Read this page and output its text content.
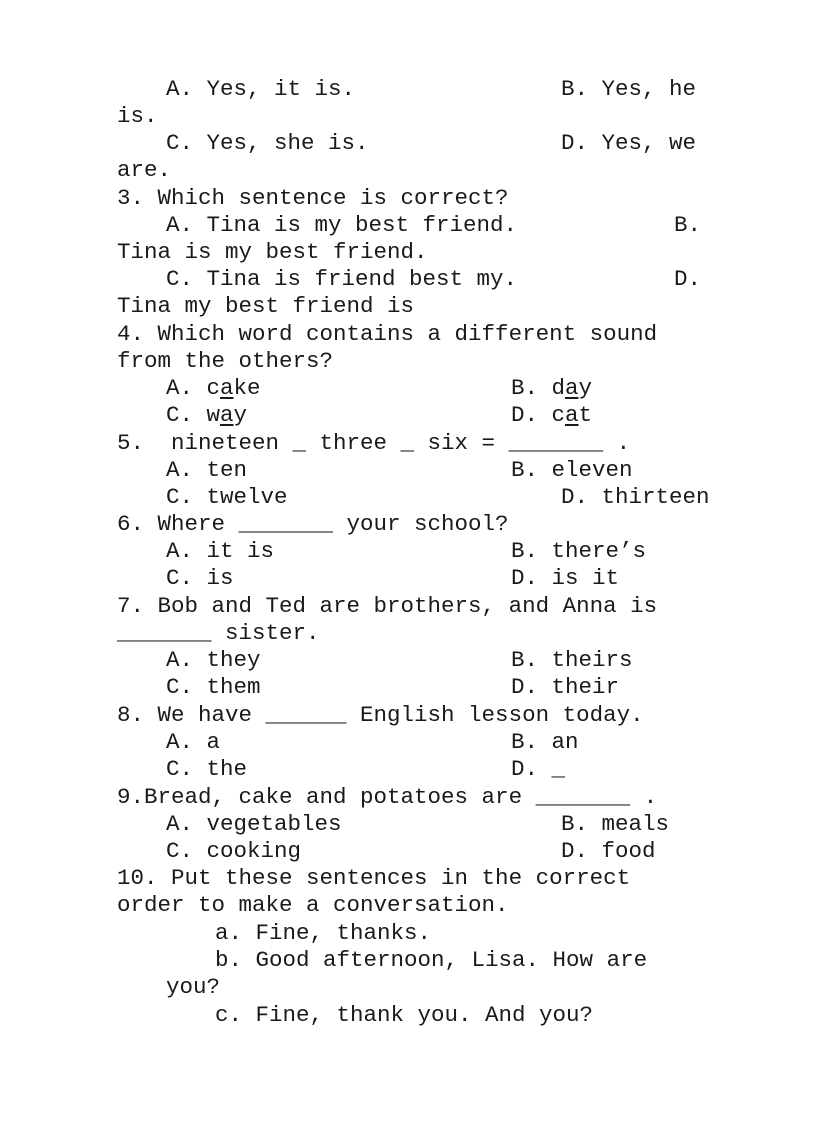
A. Yes, it is.	B. Yes, he
is.
C. Yes, she is.	D. Yes, we
are.
3. Which sentence is correct?
A. Tina is my best friend.	B.
Tina is my best friend.
C. Tina is friend best my.	D.
Tina my best friend is
4. Which word contains a different sound
from the others?
A. cake	B. day
C. way	D. cat
5.  nineteen _ three _ six = _______ .
A. ten	B. eleven
C. twelve	D. thirteen
6. Where _______ your school?
A. it is	B. there’s
C. is	D. is it
7. Bob and Ted are brothers, and Anna is
_______ sister.
A. they	B. theirs
C. them	D. their
8. We have ______ English lesson today.
A. a	B. an
C. the	D. _
9.Bread, cake and potatoes are _______ .
A. vegetables	B. meals
C. cooking	D. food
10. Put these sentences in the correct
order to make a conversation.
a. Fine, thanks.
b. Good afternoon, Lisa. How are
you?
c. Fine, thank you. And you?
